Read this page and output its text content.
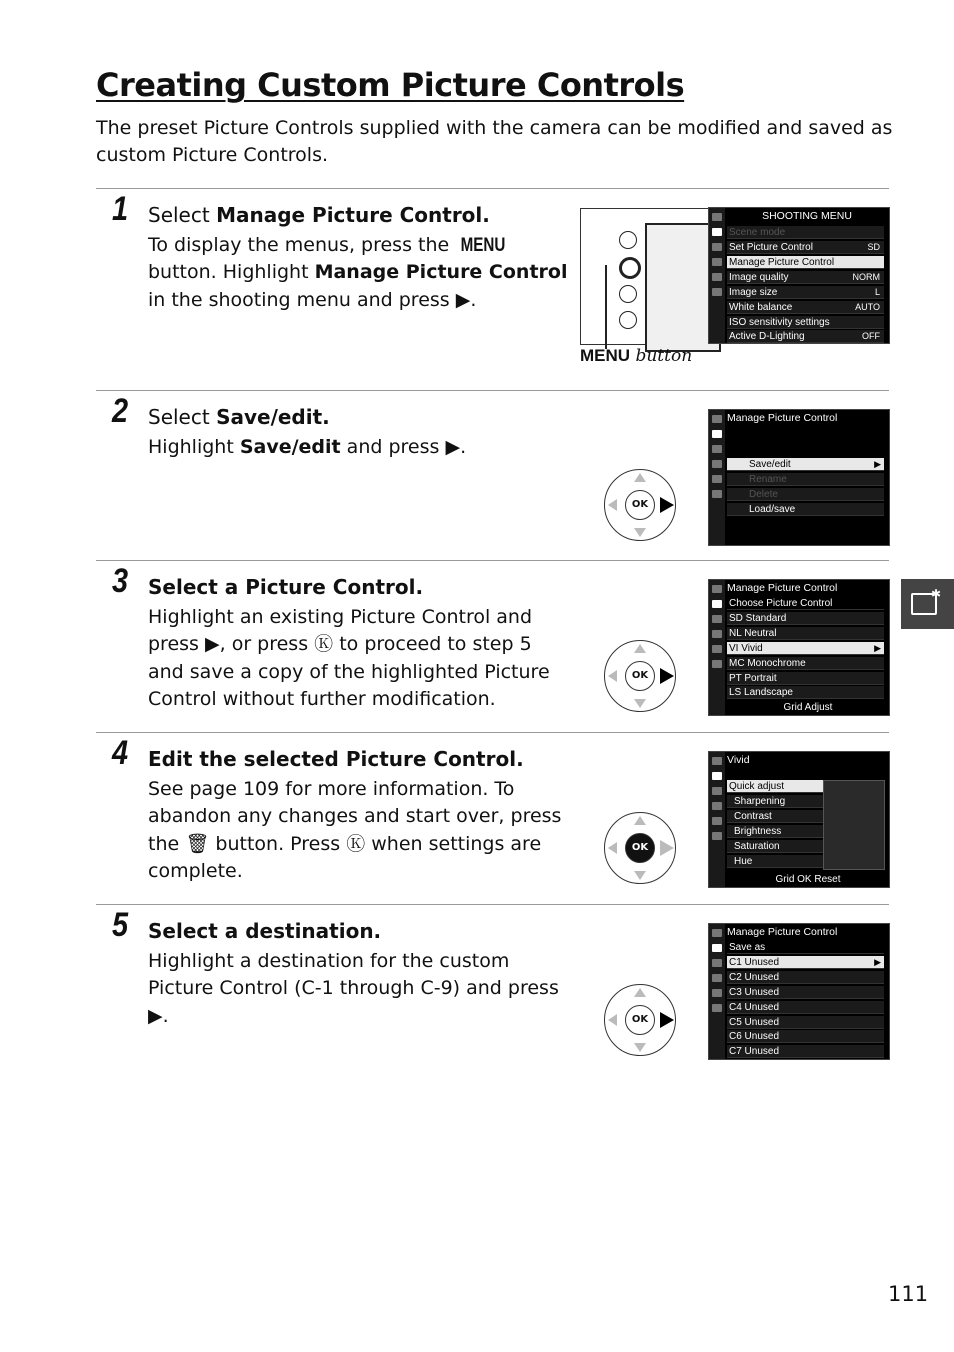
Creating Custom Picture Controls

The preset Picture Controls supplied with the camera can be modified and saved as custom Picture Controls.

1 Select Manage Picture Control.

To display the menus, press the MENU button. Highlight Manage Picture Control in the shooting menu and press ▶.

MENU button
SHOOTING MENU
Scene mode
Set Picture Control	SD
Manage Picture Control	--
Image quality	NORM
Image size	L
White balance	AUTO
ISO sensitivity settings
Active D-Lighting	OFF
2 Select Save/edit.

Highlight Save/edit and press ▶.

OK
Manage Picture Control
Save/edit	▶
Rename
Delete
Load/save
3 Select a Picture Control.

Highlight an existing Picture Control and press ▶, or press Ⓚ to proceed to step 5 and save a copy of the highlighted Picture Control without further modification.

OK
Manage Picture Control
Choose Picture Control
SD Standard
NL Neutral
VI Vivid	▶
MC Monochrome
PT Portrait
LS Landscape
Grid Adjust
4 Edit the selected Picture Control.

See page 109 for more information. To abandon any changes and start over, press the 🗑 button. Press Ⓚ when settings are complete.

OK
Vivid
Quick adjust
Sharpening
Contrast
Brightness
Saturation
Hue
Grid OK Reset
5 Select a destination.

Highlight a destination for the custom Picture Control (C-1 through C-9) and press ▶.	OK
Manage Picture Control
Save as
C1 Unused	▶
C2 Unused
C3 Unused
C4 Unused
C5 Unused
C6 Unused
C7 Unused
✱
111
